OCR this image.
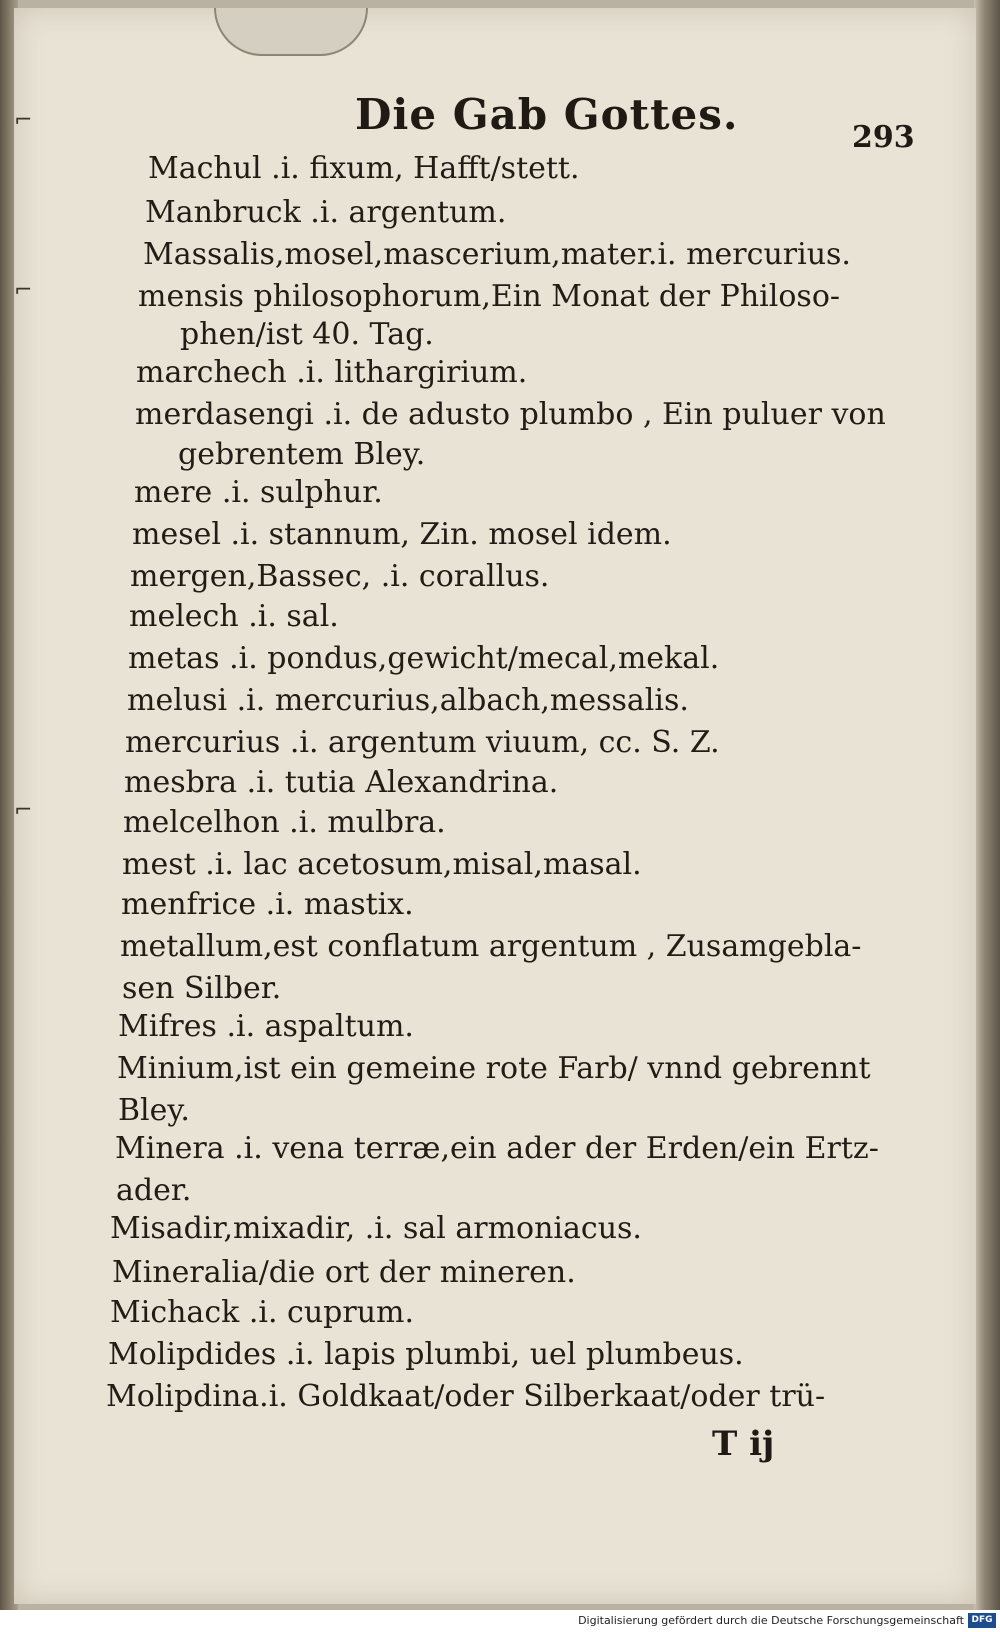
⌐
⌐
⌐
Die Gab Gottes.	293
Machul .i. fixum, Hafft/stett.
Manbruck .i. argentum.
Massalis,mosel,mascerium,mater.i. mercurius.
mensis philosophorum,Ein Monat der Philoso-
phen/ist 40. Tag.
marchech .i. lithargirium.
merdasengi .i. de adusto plumbo , Ein puluer von
gebrentem Bley.
mere .i. sulphur.
mesel .i. stannum, Zin. mosel idem.
mergen,Bassec, .i. corallus.
melech .i. sal.
metas .i. pondus,gewicht/mecal,mekal.
melusi .i. mercurius,albach,messalis.
mercurius .i. argentum viuum, cc. S. Z.
mesbra .i. tutia Alexandrina.
melcelhon .i. mulbra.
mest .i. lac acetosum,misal,masal.
menfrice .i. mastix.
metallum,est conflatum argentum , Zusamgebla-
sen Silber.
Mifres .i. aspaltum.
Minium,ist ein gemeine rote Farb/ vnnd gebrennt
Bley.
Minera .i. vena terræ,ein ader der Erden/ein Ertz-
ader.
Misadir,mixadir, .i. sal armoniacus.
Mineralia/die ort der mineren.
Michack .i. cuprum.
Molipdides .i. lapis plumbi, uel plumbeus.
Molipdina.i. Goldkaat/oder Silberkaat/oder trü-
T ij
Digitalisierung gefördert durch die Deutsche Forschungsgemeinschaft DFG
